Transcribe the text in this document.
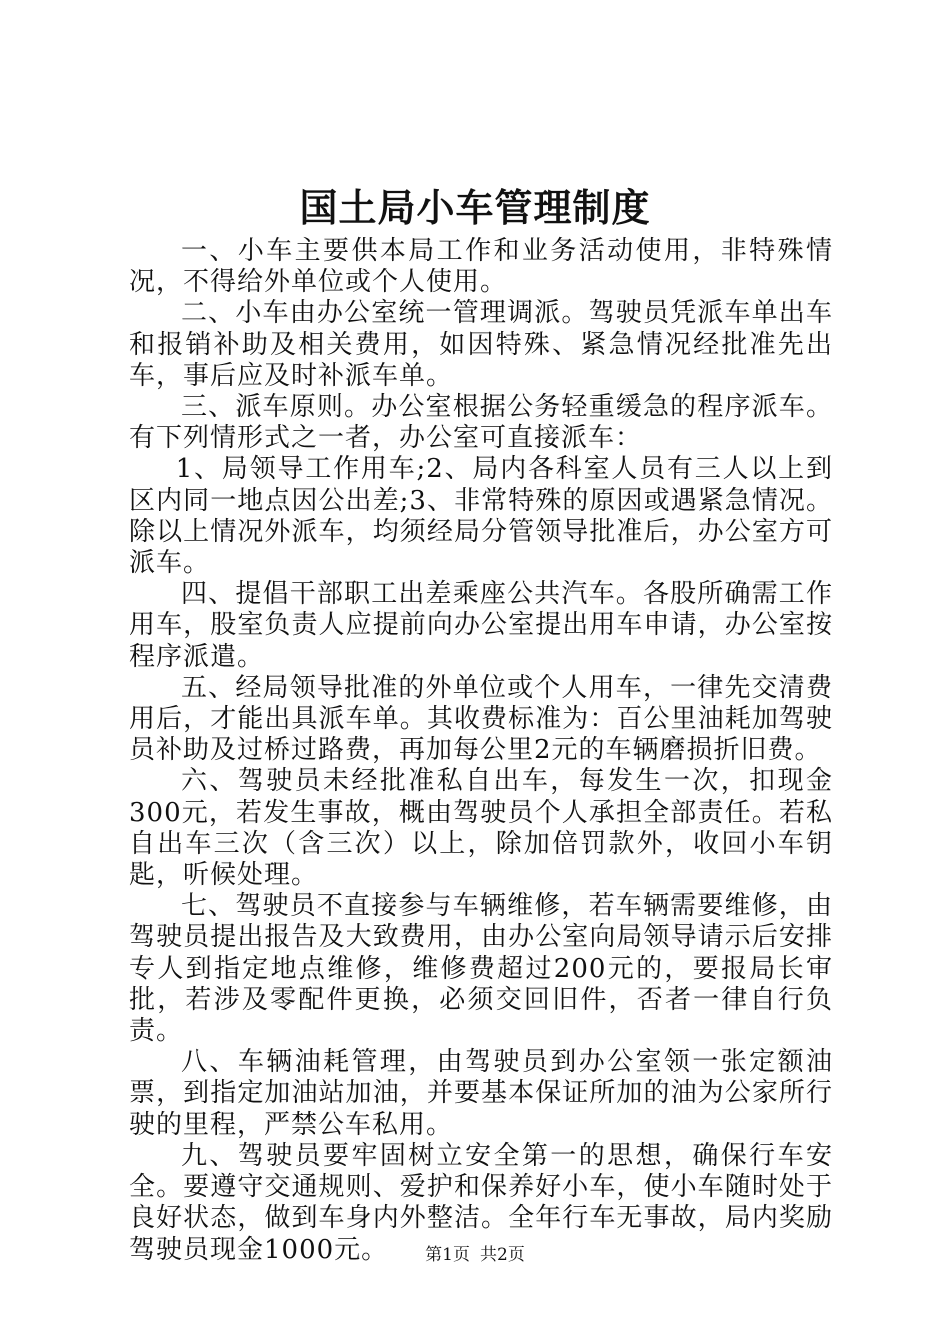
国土局小车管理制度

一、小车主要供本局工作和业务活动使用，非特殊情况，不得给外单位或个人使用。

二、小车由办公室统一管理调派。驾驶员凭派车单出车和报销补助及相关费用，如因特殊、紧急情况经批准先出车，事后应及时补派车单。

三、派车原则。办公室根据公务轻重缓急的程序派车。有下列情形式之一者，办公室可直接派车：

1、局领导工作用车;2、局内各科室人员有三人以上到区内同一地点因公出差;3、非常特殊的原因或遇紧急情况。除以上情况外派车，均须经局分管领导批准后，办公室方可派车。

四、提倡干部职工出差乘座公共汽车。各股所确需工作用车，股室负责人应提前向办公室提出用车申请，办公室按程序派遣。

五、经局领导批准的外单位或个人用车，一律先交清费用后，才能出具派车单。其收费标准为：百公里油耗加驾驶员补助及过桥过路费，再加每公里2元的车辆磨损折旧费。

六、驾驶员未经批准私自出车，每发生一次，扣现金300元，若发生事故，概由驾驶员个人承担全部责任。若私自出车三次（含三次）以上，除加倍罚款外，收回小车钥匙，听候处理。

七、驾驶员不直接参与车辆维修，若车辆需要维修，由驾驶员提出报告及大致费用，由办公室向局领导请示后安排专人到指定地点维修，维修费超过200元的，要报局长审批，若涉及零配件更换，必须交回旧件，否者一律自行负责。

八、车辆油耗管理，由驾驶员到办公室领一张定额油票，到指定加油站加油，并要基本保证所加的油为公家所行驶的里程，严禁公车私用。

九、驾驶员要牢固树立安全第一的思想，确保行车安全。要遵守交通规则、爱护和保养好小车，使小车随时处于良好状态，做到车身内外整洁。全年行车无事故，局内奖励驾驶员现金1000元。	第1页 共2页
